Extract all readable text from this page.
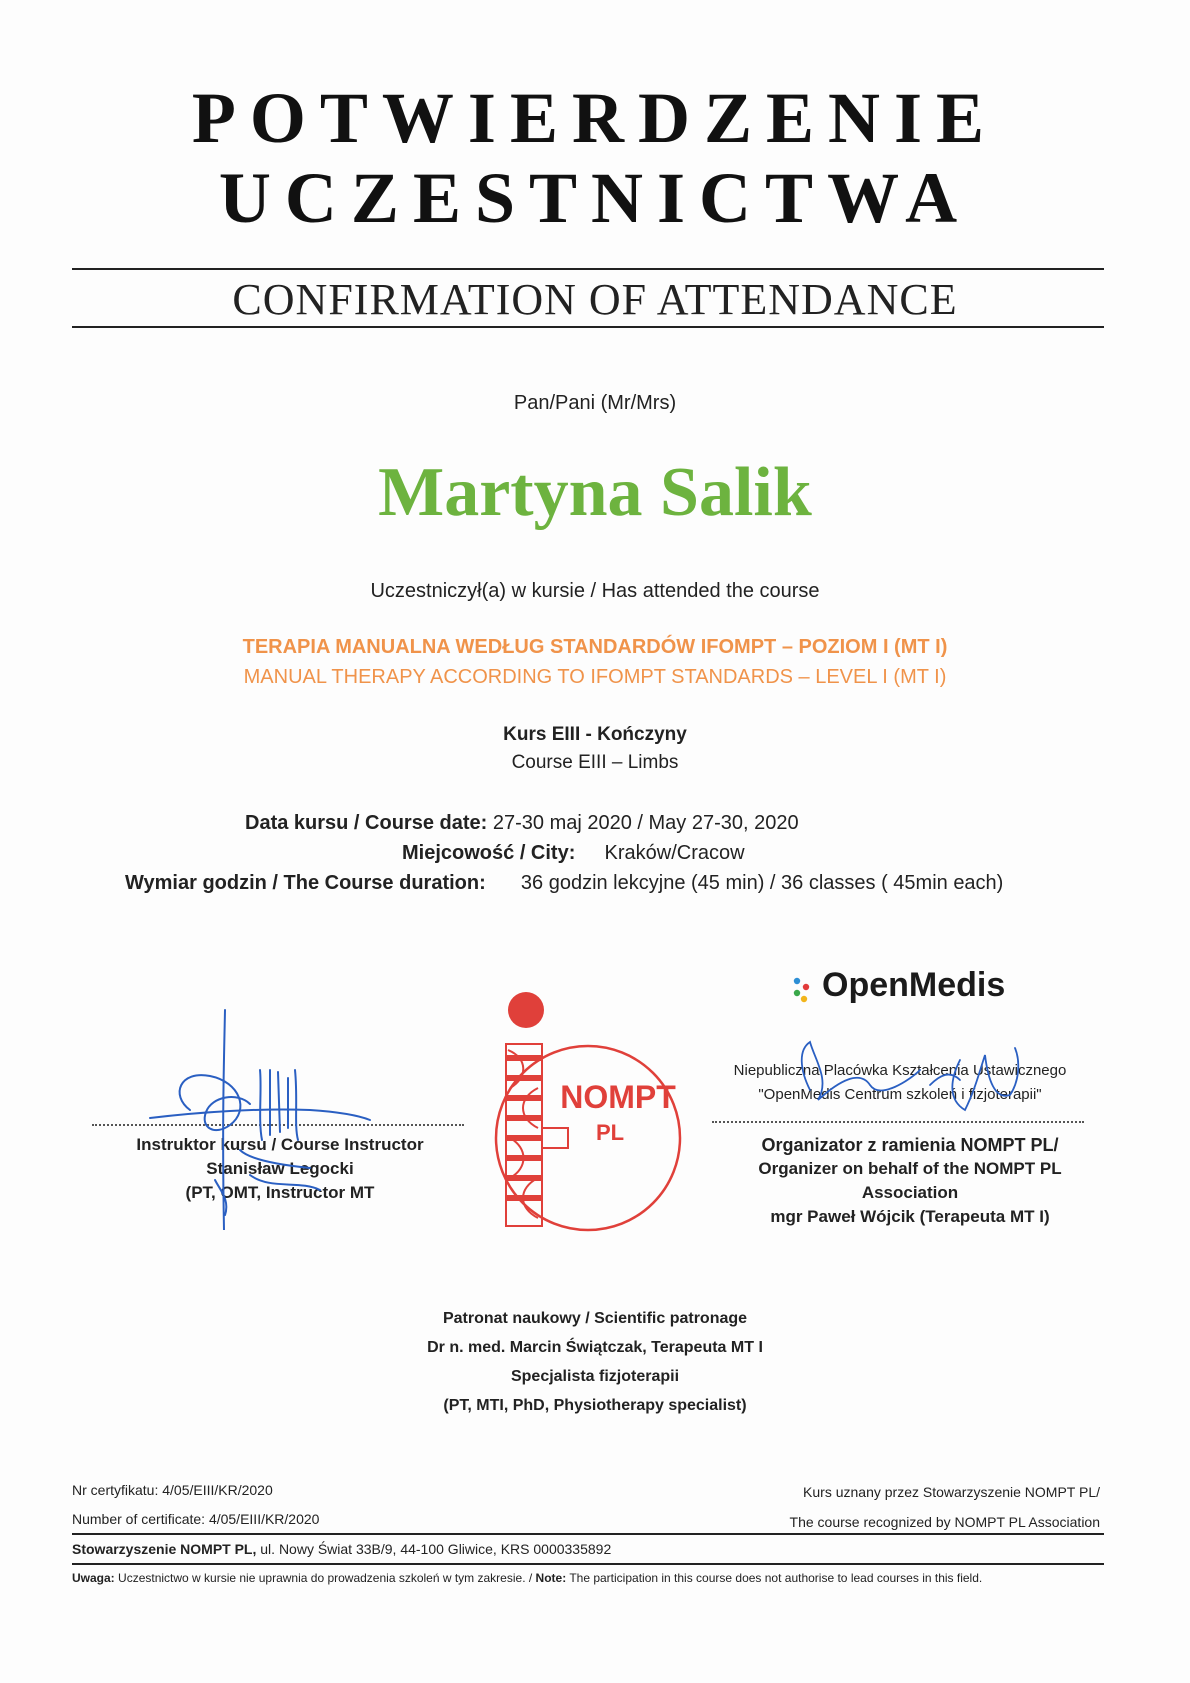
POTWIERDZENIE
UCZESTNICTWA
CONFIRMATION OF ATTENDANCE
Pan/Pani (Mr/Mrs)
Martyna Salik
Uczestniczył(a) w kursie / Has attended the course
TERAPIA MANUALNA WEDŁUG STANDARDÓW IFOMPT – POZIOM I (MT I)
MANUAL THERAPY ACCORDING TO IFOMPT STANDARDS – LEVEL I (MT I)
Kurs EIII - Kończyny
Course EIII – Limbs
Data kursu / Course date: 27-30 maj 2020 / May 27-30, 2020
Miejcowość / City: Kraków/Cracow
Wymiar godzin / The Course duration: 36 godzin lekcyjne (45 min) / 36 classes ( 45min each)
Instruktor kursu / Course Instructor
Stanisław Legocki
(PT, OMT, Instructor MT
NOMPT
PL
OpenMedis
Niepubliczna Placówka Kształcenia Ustawicznego
"OpenMedis Centrum szkoleń i fizjoterapii"
Organizator z ramienia NOMPT PL/
Organizer on behalf of the NOMPT PL
Association
mgr Paweł Wójcik (Terapeuta MT I)
Patronat naukowy / Scientific patronage
Dr n. med. Marcin Świątczak, Terapeuta MT I
Specjalista fizjoterapii
(PT, MTI, PhD, Physiotherapy specialist)
Nr certyfikatu: 4/05/EIII/KR/2020
Number of certificate: 4/05/EIII/KR/2020
Kurs uznany przez Stowarzyszenie NOMPT PL/
The course recognized by NOMPT PL Association
Stowarzyszenie NOMPT PL, ul. Nowy Świat 33B/9, 44-100 Gliwice, KRS 0000335892
Uwaga: Uczestnictwo w kursie nie uprawnia do prowadzenia szkoleń w tym zakresie. / Note: The participation in this course does not authorise to lead courses in this field.
